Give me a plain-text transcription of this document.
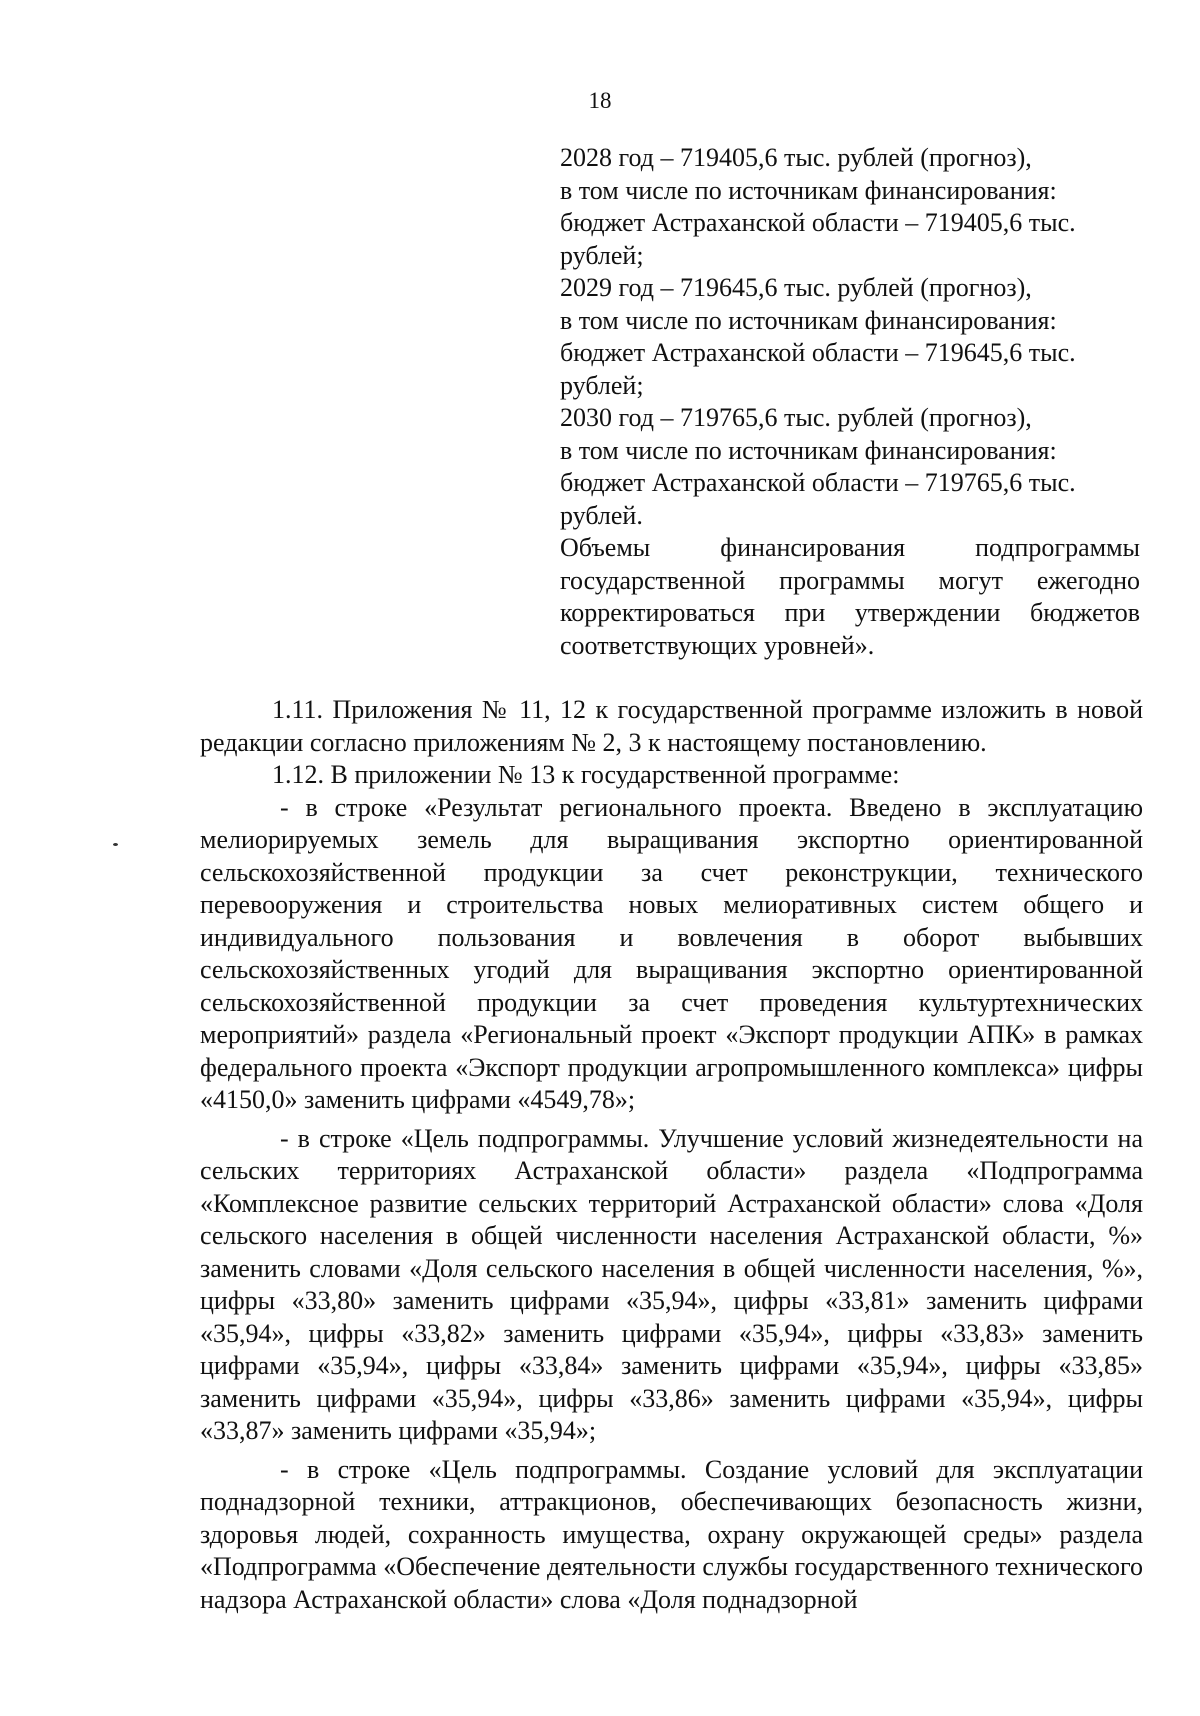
18
2028 год – 719405,6 тыс. рублей (прогноз),
в том числе по источникам финансирования:
бюджет Астраханской области – 719405,6 тыс.
рублей;
2029 год – 719645,6 тыс. рублей (прогноз),
в том числе по источникам финансирования:
бюджет Астраханской области – 719645,6 тыс.
рублей;
2030 год – 719765,6 тыс. рублей (прогноз),
в том числе по источникам финансирования:
бюджет Астраханской области – 719765,6 тыс.
рублей.
Объемы финансирования подпрограммы государственной программы могут ежегодно корректироваться при утверждении бюджетов соответствующих уровней».

1.11. Приложения № 11, 12 к государственной программе изложить в новой редакции согласно приложениям № 2, 3 к настоящему постановлению.

1.12. В приложении № 13 к государственной программе:

- в строке «Результат регионального проекта. Введено в эксплуатацию мелиорируемых земель для выращивания экспортно ориентированной сельскохозяйственной продукции за счет реконструкции, технического перевооружения и строительства новых мелиоративных систем общего и индивидуального пользования и вовлечения в оборот выбывших сельскохозяйственных угодий для выращивания экспортно ориентированной сельскохозяйственной продукции за счет проведения культуртехнических мероприятий» раздела «Региональный проект «Экспорт продукции АПК» в рамках федерального проекта «Экспорт продукции агропромышленного комплекса» цифры «4150,0» заменить цифрами «4549,78»;

- в строке «Цель подпрограммы. Улучшение условий жизнедеятельности на сельских территориях Астраханской области» раздела «Подпрограмма «Комплексное развитие сельских территорий Астраханской области» слова «Доля сельского населения в общей численности населения Астраханской области, %» заменить словами «Доля сельского населения в общей численности населения, %», цифры «33,80» заменить цифрами «35,94», цифры «33,81» заменить цифрами «35,94», цифры «33,82» заменить цифрами «35,94», цифры «33,83» заменить цифрами «35,94», цифры «33,84» заменить цифрами «35,94», цифры «33,85» заменить цифрами «35,94», цифры «33,86» заменить цифрами «35,94», цифры «33,87» заменить цифрами «35,94»;

- в строке «Цель подпрограммы. Создание условий для эксплуатации поднадзорной техники, аттракционов, обеспечивающих безопасность жизни, здоровья людей, сохранность имущества, охрану окружающей среды» раздела «Подпрограмма «Обеспечение деятельности службы государственного технического надзора Астраханской области» слова «Доля поднадзорной
